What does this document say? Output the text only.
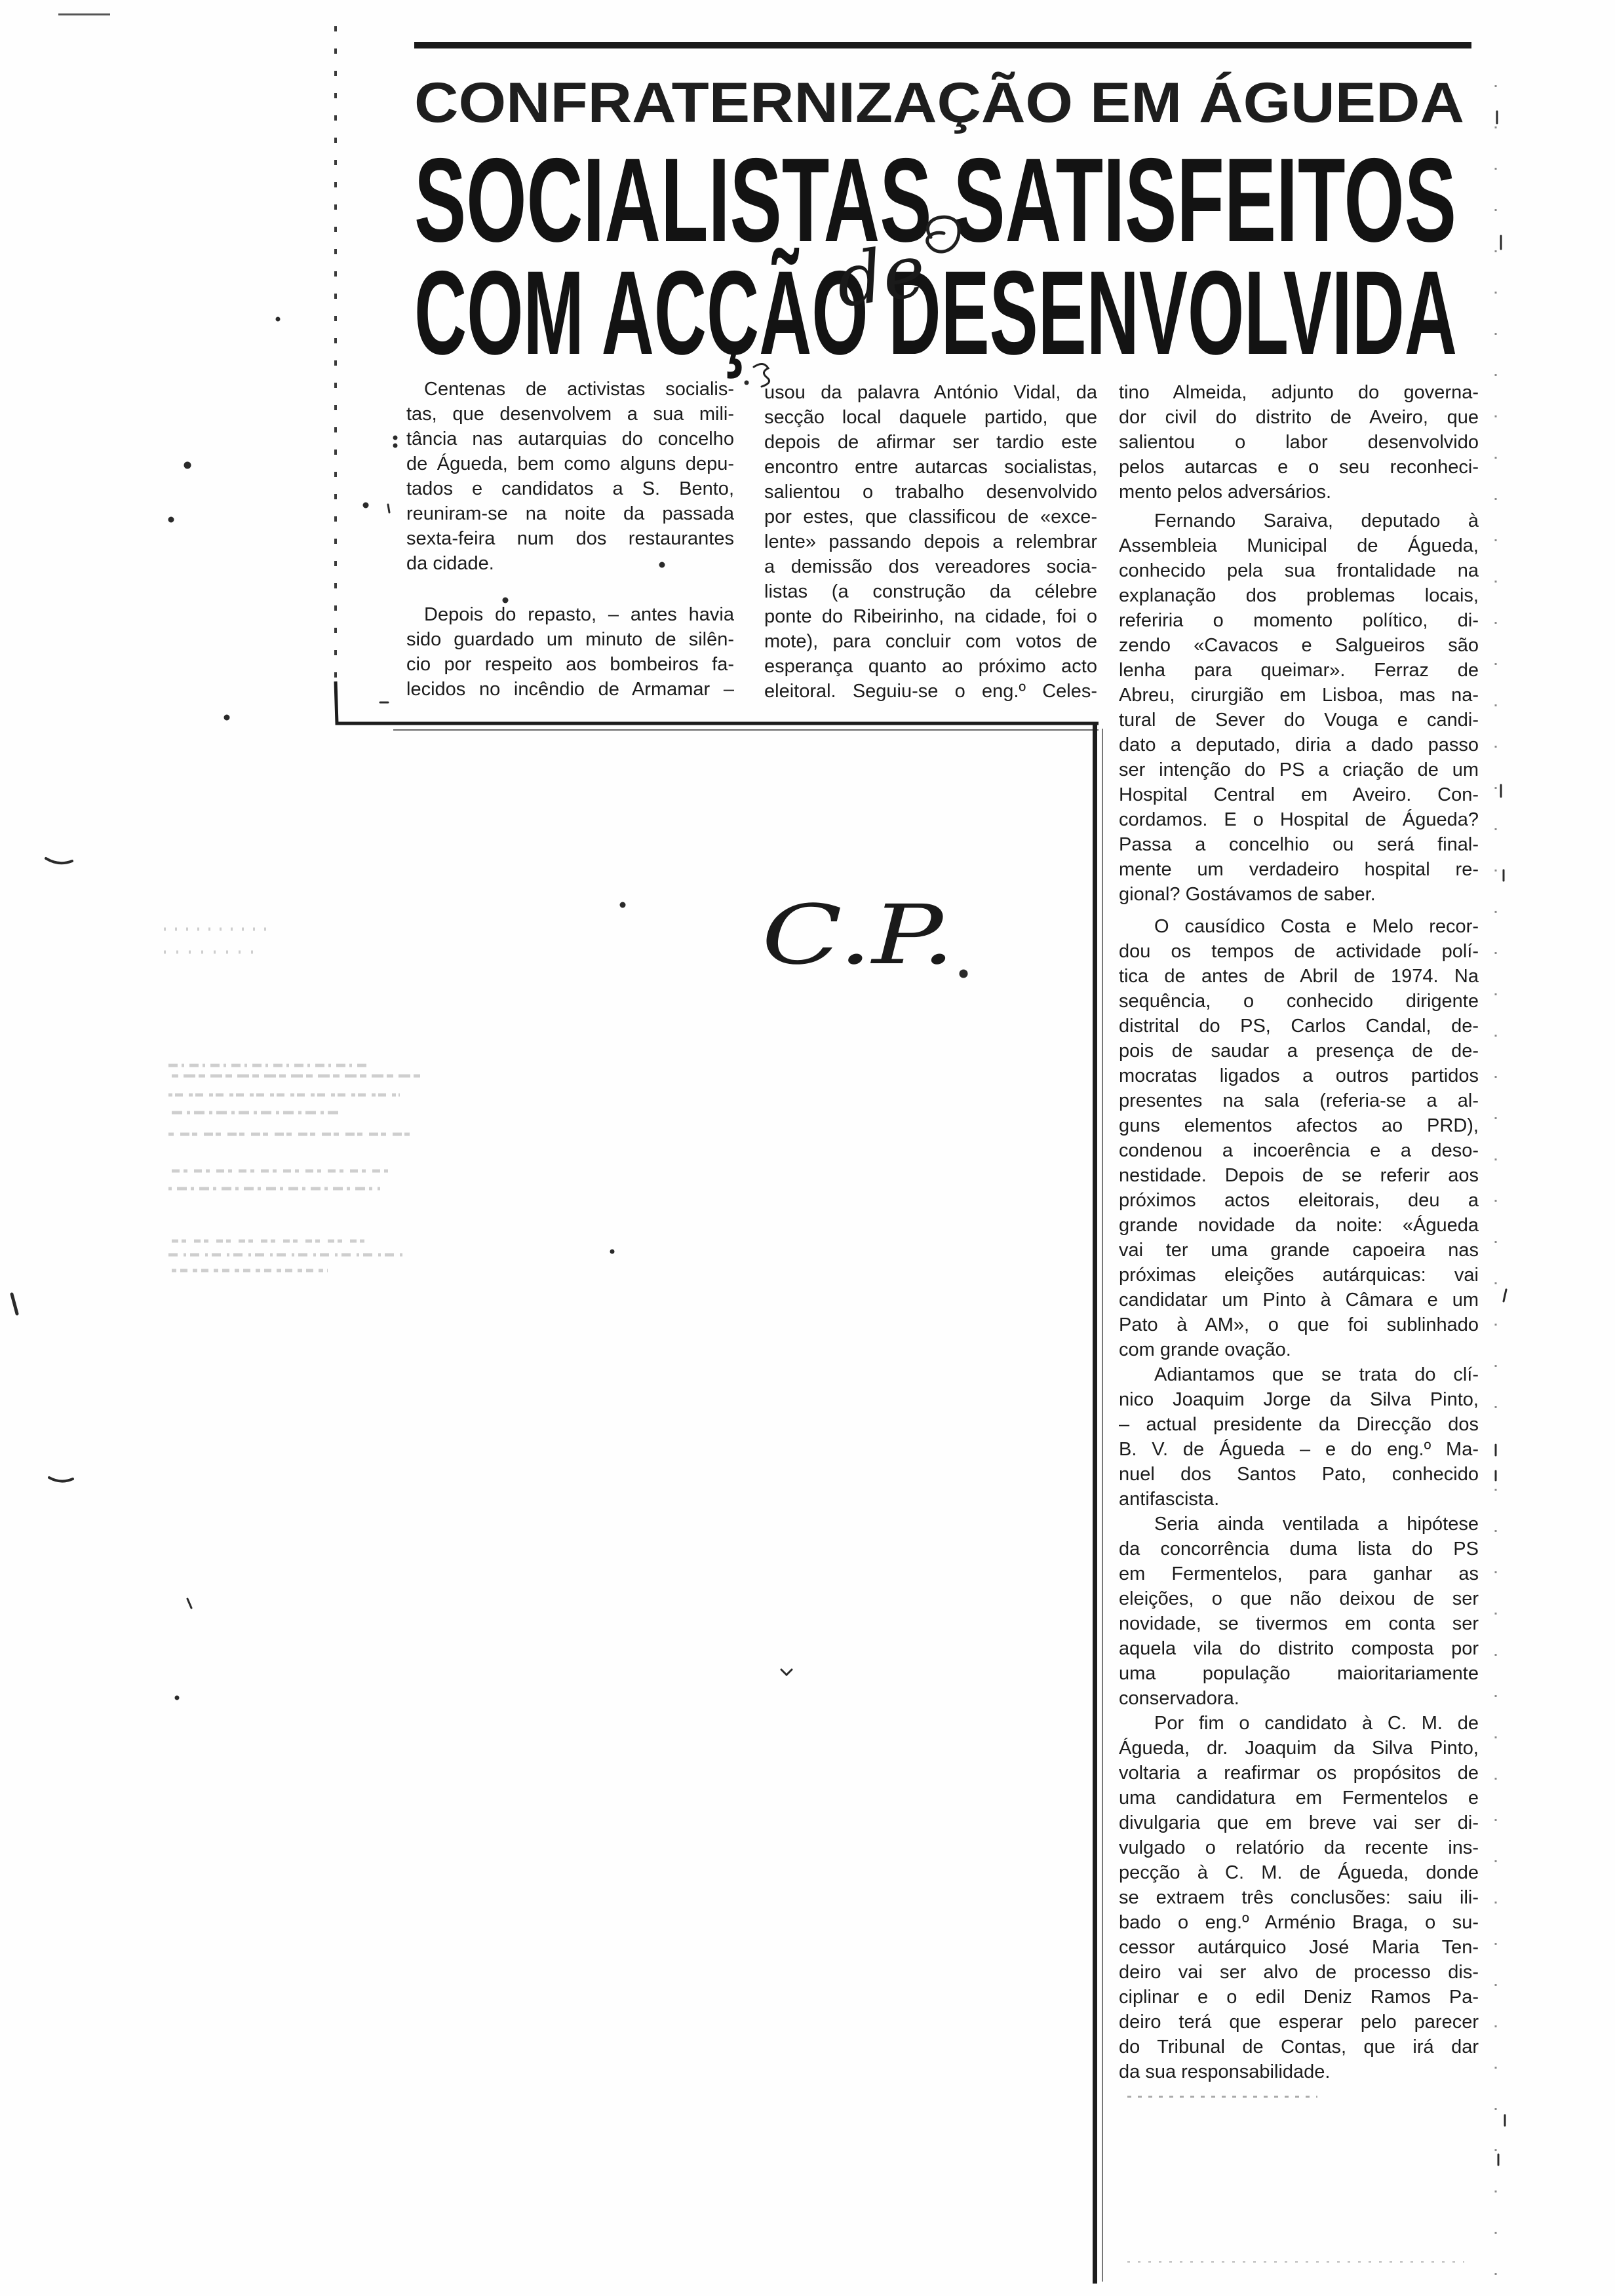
CONFRATERNIZAÇÃO EM ÁGUEDA
SOCIALISTAS SATISFEITOS
COM ACÇÃO DESENVOLVIDA
de
C.P.
Centenas de activistas socialis-
tas, que desenvolvem a sua mili-
tância nas autarquias do concelho
de Águeda, bem como alguns depu-
tados e candidatos a S. Bento,
reuniram-se na noite da passada
sexta-feira num dos restaurantes
da cidade.
Depois do repasto, – antes havia
sido guardado um minuto de silên-
cio por respeito aos bombeiros fa-
lecidos no incêndio de Armamar –
usou da palavra António Vidal, da
secção local daquele partido, que
depois de afirmar ser tardio este
encontro entre autarcas socialistas,
salientou o trabalho desenvolvido
por estes, que classificou de «exce-
lente» passando depois a relembrar
a demissão dos vereadores socia-
listas (a construção da célebre
ponte do Ribeirinho, na cidade, foi o
mote), para concluir com votos de
esperança quanto ao próximo acto
eleitoral. Seguiu-se o eng.º Celes-
tino Almeida, adjunto do governa-
dor civil do distrito de Aveiro, que
salientou o labor desenvolvido
pelos autarcas e o seu reconheci-
mento pelos adversários.
Fernando Saraiva, deputado à
Assembleia Municipal de Águeda,
conhecido pela sua frontalidade na
explanação dos problemas locais,
referiria o momento político, di-
zendo «Cavacos e Salgueiros são
lenha para queimar». Ferraz de
Abreu, cirurgião em Lisboa, mas na-
tural de Sever do Vouga e candi-
dato a deputado, diria a dado passo
ser intenção do PS a criação de um
Hospital Central em Aveiro. Con-
cordamos. E o Hospital de Águeda?
Passa a concelhio ou será final-
mente um verdadeiro hospital re-
gional? Gostávamos de saber.
O causídico Costa e Melo recor-
dou os tempos de actividade polí-
tica de antes de Abril de 1974. Na
sequência, o conhecido dirigente
distrital do PS, Carlos Candal, de-
pois de saudar a presença de de-
mocratas ligados a outros partidos
presentes na sala (referia-se a al-
guns elementos afectos ao PRD),
condenou a incoerência e a deso-
nestidade. Depois de se referir aos
próximos actos eleitorais, deu a
grande novidade da noite: «Águeda
vai ter uma grande capoeira nas
próximas eleições autárquicas: vai
candidatar um Pinto à Câmara e um
Pato à AM», o que foi sublinhado
com grande ovação.
Adiantamos que se trata do clí-
nico Joaquim Jorge da Silva Pinto,
– actual presidente da Direcção dos
B. V. de Águeda – e do eng.º Ma-
nuel dos Santos Pato, conhecido
antifascista.
Seria ainda ventilada a hipótese
da concorrência duma lista do PS
em Fermentelos, para ganhar as
eleições, o que não deixou de ser
novidade, se tivermos em conta ser
aquela vila do distrito composta por
uma população maioritariamente
conservadora.
Por fim o candidato à C. M. de
Águeda, dr. Joaquim da Silva Pinto,
voltaria a reafirmar os propósitos de
uma candidatura em Fermentelos e
divulgaria que em breve vai ser di-
vulgado o relatório da recente ins-
pecção à C. M. de Águeda, donde
se extraem três conclusões: saiu ili-
bado o eng.º Arménio Braga, o su-
cessor autárquico José Maria Ten-
deiro vai ser alvo de processo dis-
ciplinar e o edil Deniz Ramos Pa-
deiro terá que esperar pelo parecer
do Tribunal de Contas, que irá dar
da sua responsabilidade.
